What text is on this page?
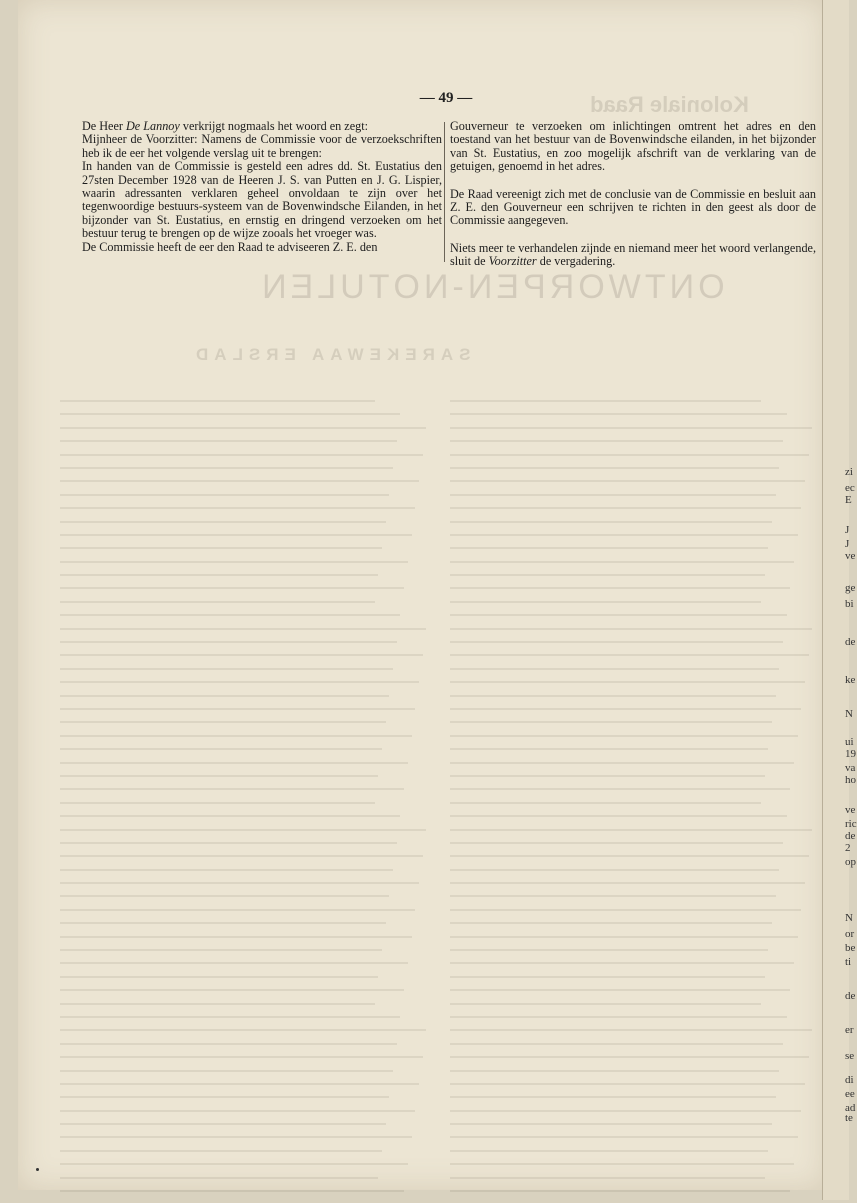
— 49 —

De Heer De Lannoy verkrijgt nogmaals het woord en zegt:

Mijnheer de Voorzitter: Namens de Commissie voor de verzoekschriften heb ik de eer het volgende verslag uit te brengen:

In handen van de Commissie is gesteld een adres dd. St. Eustatius den 27sten December 1928 van de Heeren J. S. van Putten en J. G. Lispier, waarin adressanten verklaren geheel onvoldaan te zijn over het tegenwoordige bestuurs-systeem van de Bovenwindsche Eilanden, in het bijzonder van St. Eustatius, en ernstig en dringend verzoeken om het bestuur terug te brengen op de wijze zooals het vroeger was.

De Commissie heeft de eer den Raad te adviseeren Z. E. den

Gouverneur te verzoeken om inlichtingen omtrent het adres en den toestand van het bestuur van de Bovenwindsche eilanden, in het bijzonder van St. Eustatius, en zoo mogelijk afschrift van de verklaring van de getuigen, genoemd in het adres.

De Raad vereenigt zich met de conclusie van de Commissie en besluit aan Z. E. den Gouverneur een schrijven te richten in den geest als door de Commissie aangegeven.

Niets meer te verhandelen zijnde en niemand meer het woord verlangende, sluit de Voorzitter de vergadering.

zi
ec
E
J
J
ve
ge
bi
de
ke
N
ui
19
va
ho
ve
ric
de
2
op
N
or
be
ti
de
er
se
di
ee
ad
te
